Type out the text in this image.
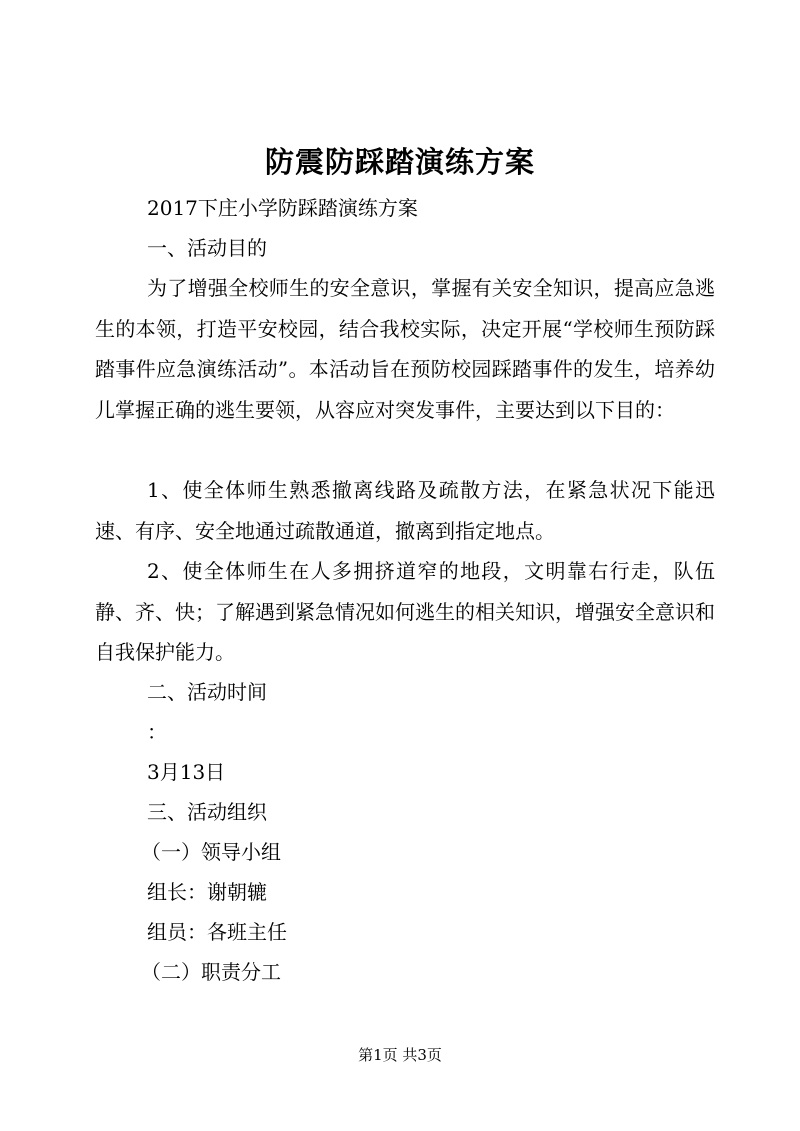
防震防踩踏演练方案
2017下庄小学防踩踏演练方案
一、活动目的
为了增强全校师生的安全意识，掌握有关安全知识，提高应急逃生的本领，打造平安校园，结合我校实际，决定开展“学校师生预防踩踏事件应急演练活动”。本活动旨在预防校园踩踏事件的发生，培养幼儿掌握正确的逃生要领，从容应对突发事件，主要达到以下目的：
1、使全体师生熟悉撤离线路及疏散方法，在紧急状况下能迅速、有序、安全地通过疏散通道，撤离到指定地点。
2、使全体师生在人多拥挤道窄的地段，文明靠右行走，队伍静、齐、快；了解遇到紧急情况如何逃生的相关知识，增强安全意识和自我保护能力。
二、活动时间
：
3月13日
三、活动组织
（一）领导小组
组长：谢朝辘
组员：各班主任
（二）职责分工
第1页 共3页
